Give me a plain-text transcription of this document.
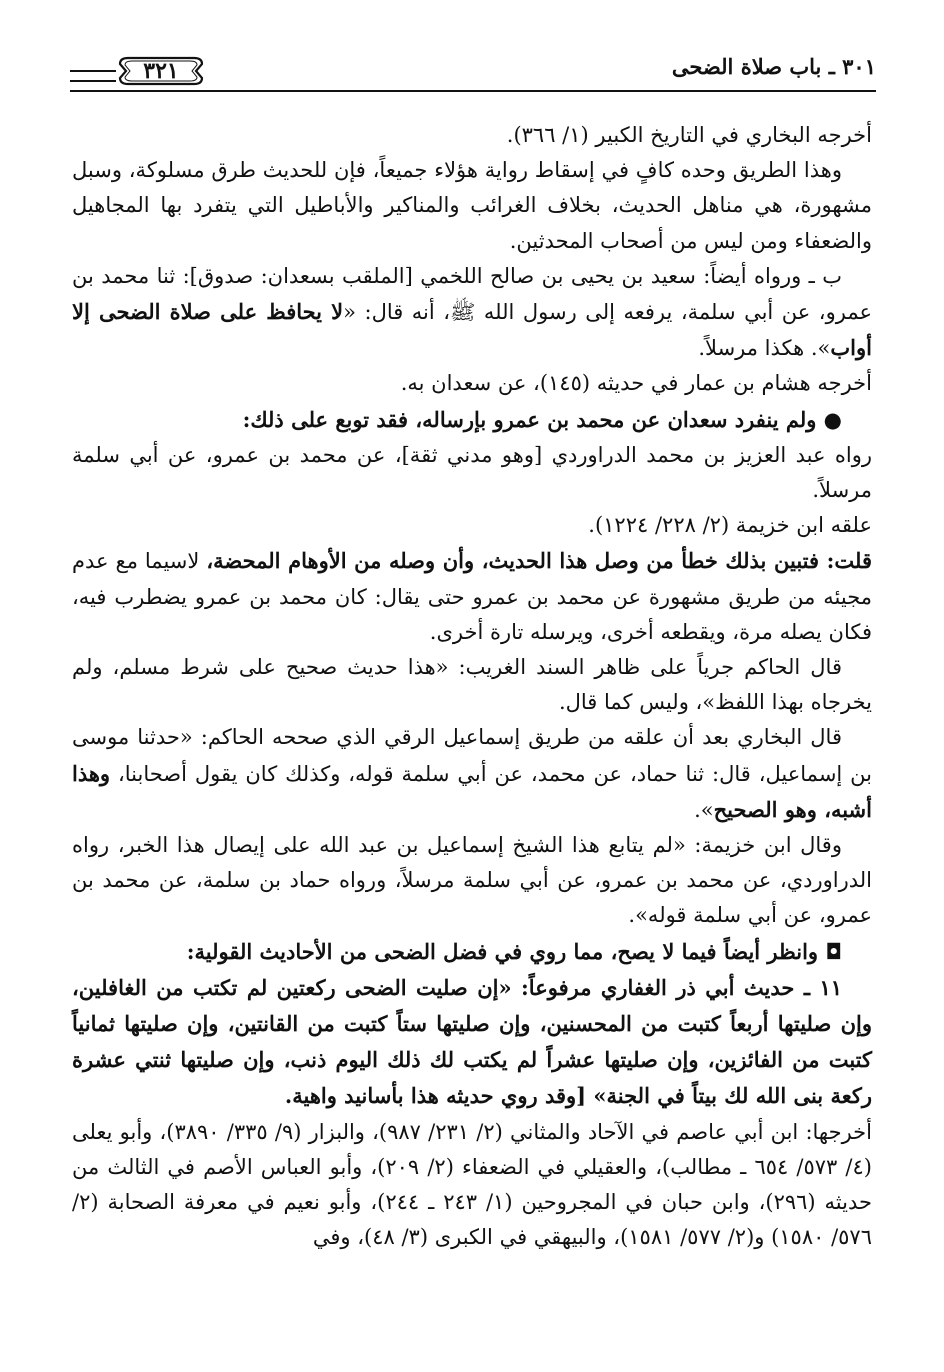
٣٠١ ـ باب صلاة الضحى
٣٢١

أخرجه البخاري في التاريخ الكبير (١/ ٣٦٦).

وهذا الطريق وحده كافٍ في إسقاط رواية هؤلاء جميعاً، فإن للحديث طرق مسلوكة، وسبل مشهورة، هي مناهل الحديث، بخلاف الغرائب والمناكير والأباطيل التي يتفرد بها المجاهيل والضعفاء ومن ليس من أصحاب المحدثين.

ب ـ ورواه أيضاً: سعيد بن يحيى بن صالح اللخمي [الملقب بسعدان: صدوق]: ثنا محمد بن عمرو، عن أبي سلمة، يرفعه إلى رسول الله ﷺ، أنه قال: «لا يحافظ على صلاة الضحى إلا أواب». هكذا مرسلاً.

أخرجه هشام بن عمار في حديثه (١٤٥)، عن سعدان به.

● ولم ينفرد سعدان عن محمد بن عمرو بإرساله، فقد توبع على ذلك:

رواه عبد العزيز بن محمد الدراوردي [وهو مدني ثقة]، عن محمد بن عمرو، عن أبي سلمة مرسلاً.

علقه ابن خزيمة (٢/ ٢٢٨/ ١٢٢٤).

قلت: فتبين بذلك خطأ من وصل هذا الحديث، وأن وصله من الأوهام المحضة، لاسيما مع عدم مجيئه من طريق مشهورة عن محمد بن عمرو حتى يقال: كان محمد بن عمرو يضطرب فيه، فكان يصله مرة، ويقطعه أخرى، ويرسله تارة أخرى.

قال الحاكم جرياً على ظاهر السند الغريب: «هذا حديث صحيح على شرط مسلم، ولم يخرجاه بهذا اللفظ»، وليس كما قال.

قال البخاري بعد أن علقه من طريق إسماعيل الرقي الذي صححه الحاكم: «حدثنا موسى بن إسماعيل، قال: ثنا حماد، عن محمد، عن أبي سلمة قوله، وكذلك كان يقول أصحابنا، وهذا أشبه، وهو الصحيح».

وقال ابن خزيمة: «لم يتابع هذا الشيخ إسماعيل بن عبد الله على إيصال هذا الخبر، رواه الدراوردي، عن محمد بن عمرو، عن أبي سلمة مرسلاً، ورواه حماد بن سلمة، عن محمد بن عمرو، عن أبي سلمة قوله».

◘ وانظر أيضاً فيما لا يصح، مما روي في فضل الضحى من الأحاديث القولية:

١١ ـ حديث أبي ذر الغفاري مرفوعاً: «إن صليت الضحى ركعتين لم تكتب من الغافلين، وإن صليتها أربعاً كتبت من المحسنين، وإن صليتها ستاً كتبت من القانتين، وإن صليتها ثمانياً كتبت من الفائزين، وإن صليتها عشراً لم يكتب لك ذلك اليوم ذنب، وإن صليتها ثنتي عشرة ركعة بنى الله لك بيتاً في الجنة» [وقد روي حديثه هذا بأسانيد واهية.

أخرجها: ابن أبي عاصم في الآحاد والمثاني (٢/ ٢٣١/ ٩٨٧)، والبزار (٩/ ٣٣٥/ ٣٨٩٠)، وأبو يعلى (٤/ ٥٧٣/ ٦٥٤ ـ مطالب)، والعقيلي في الضعفاء (٢/ ٢٠٩)، وأبو العباس الأصم في الثالث من حديثه (٢٩٦)، وابن حبان في المجروحين (١/ ٢٤٣ ـ ٢٤٤)، وأبو نعيم في معرفة الصحابة (٢/ ٥٧٦/ ١٥٨٠) و(٢/ ٥٧٧/ ١٥٨١)، والبيهقي في الكبرى (٣/ ٤٨)، وفي
